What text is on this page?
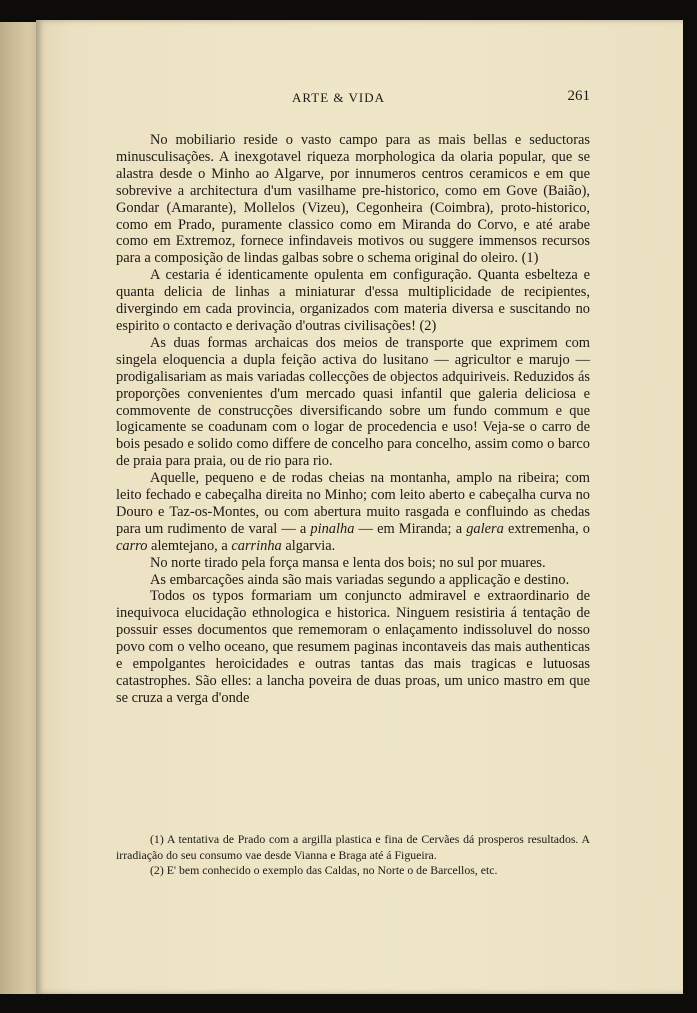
ARTE & VIDA	261

No mobiliario reside o vasto campo para as mais bellas e seductoras minusculisações. A inexgotavel riqueza morphologica da olaria popular, que se alastra desde o Minho ao Algarve, por innumeros centros ceramicos e em que sobrevive a architectura d'um vasilhame pre-historico, como em Gove (Baião), Gondar (Amarante), Mollelos (Vizeu), Cegonheira (Coimbra), proto-historico, como em Prado, puramente classico como em Miranda do Corvo, e até arabe como em Extremoz, fornece infindaveis motivos ou suggere immensos recursos para a composição de lindas galbas sobre o schema original do oleiro. (1)

A cestaria é identicamente opulenta em configuração. Quanta esbelteza e quanta delicia de linhas a miniaturar d'essa multiplicidade de recipientes, divergindo em cada provincia, organizados com materia diversa e suscitando no espirito o contacto e derivação d'outras civilisações! (2)

As duas formas archaicas dos meios de transporte que exprimem com singela eloquencia a dupla feição activa do lusitano — agricultor e marujo — prodigalisariam as mais variadas collecções de objectos adquiriveis. Reduzidos ás proporções convenientes d'um mercado quasi infantil que galeria deliciosa e commovente de construcções diversificando sobre um fundo commum e que logicamente se coadunam com o logar de procedencia e uso! Veja-se o carro de bois pesado e solido como differe de concelho para concelho, assim como o barco de praia para praia, ou de rio para rio.

Aquelle, pequeno e de rodas cheias na montanha, amplo na ribeira; com leito fechado e cabeçalha direita no Minho; com leito aberto e cabeçalha curva no Douro e Taz-os-Montes, ou com abertura muito rasgada e confluindo as chedas para um rudimento de varal — a pinalha — em Miranda; a galera extremenha, o carro alemtejano, a carrinha algarvia.

No norte tirado pela força mansa e lenta dos bois; no sul por muares.

As embarcações ainda são mais variadas segundo a applicação e destino.

Todos os typos formariam um conjuncto admiravel e extraordinario de inequivoca elucidação ethnologica e historica. Ninguem resistiria á tentação de possuir esses documentos que rememoram o enlaçamento indissoluvel do nosso povo com o velho oceano, que resumem paginas incontaveis das mais authenticas e empolgantes heroicidades e outras tantas das mais tragicas e lutuosas catastrophes. São elles: a lancha poveira de duas proas, um unico mastro em que se cruza a verga d'onde

(1) A tentativa de Prado com a argilla plastica e fina de Cervães dá prosperos resultados. A irradiação do seu consumo vae desde Vianna e Braga até á Figueira.

(2) E' bem conhecido o exemplo das Caldas, no Norte o de Barcellos, etc.
